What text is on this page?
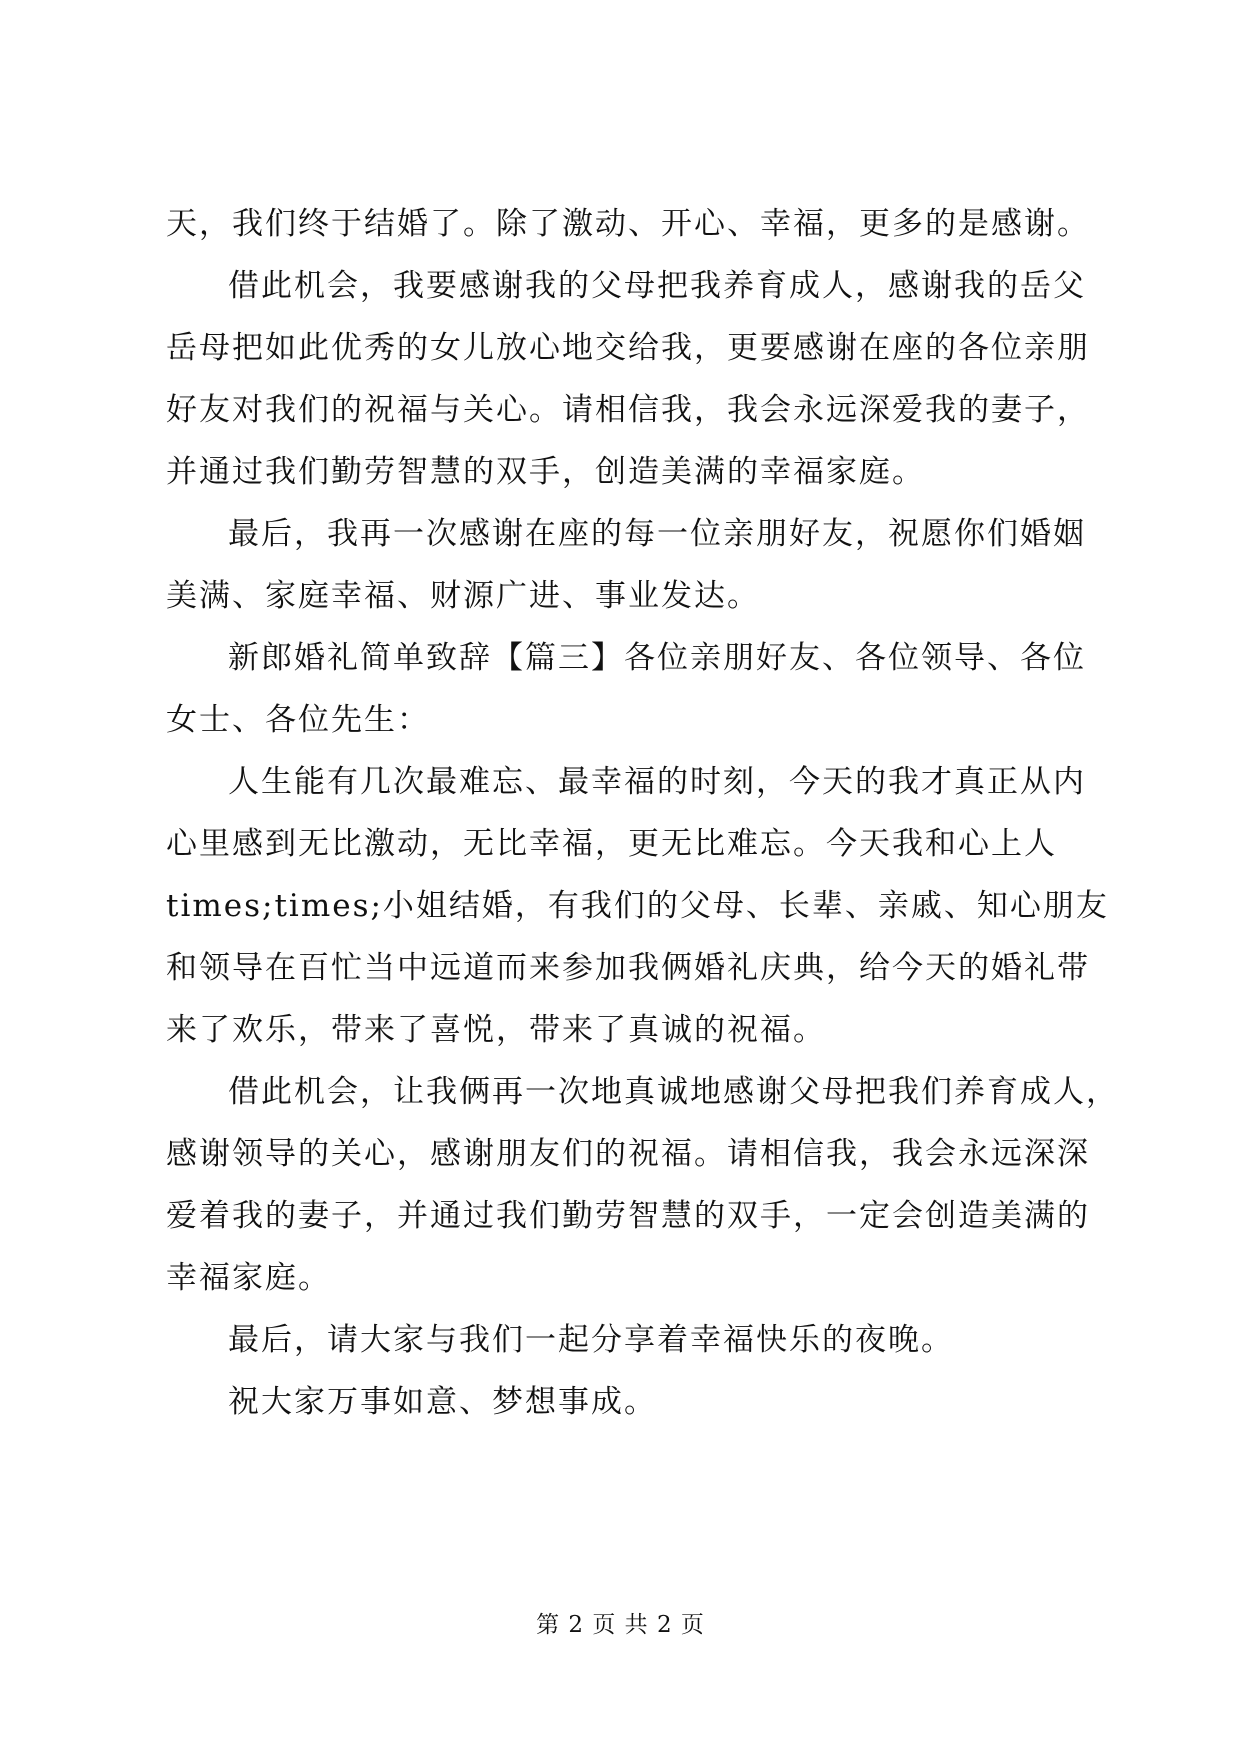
天，我们终于结婚了。除了激动、开心、幸福，更多的是感谢。
借此机会，我要感谢我的父母把我养育成人，感谢我的岳父
岳母把如此优秀的女儿放心地交给我，更要感谢在座的各位亲朋
好友对我们的祝福与关心。请相信我，我会永远深爱我的妻子，
并通过我们勤劳智慧的双手，创造美满的幸福家庭。
最后，我再一次感谢在座的每一位亲朋好友，祝愿你们婚姻
美满、家庭幸福、财源广进、事业发达。
新郎婚礼简单致辞【篇三】各位亲朋好友、各位领导、各位
女士、各位先生：
人生能有几次最难忘、最幸福的时刻，今天的我才真正从内
心里感到无比激动，无比幸福，更无比难忘。今天我和心上人
times;times;小姐结婚，有我们的父母、长辈、亲戚、知心朋友
和领导在百忙当中远道而来参加我俩婚礼庆典，给今天的婚礼带
来了欢乐，带来了喜悦，带来了真诚的祝福。
借此机会，让我俩再一次地真诚地感谢父母把我们养育成人，
感谢领导的关心，感谢朋友们的祝福。请相信我，我会永远深深
爱着我的妻子，并通过我们勤劳智慧的双手，一定会创造美满的
幸福家庭。
最后，请大家与我们一起分享着幸福快乐的夜晚。
祝大家万事如意、梦想事成。
第 2 页 共 2 页
